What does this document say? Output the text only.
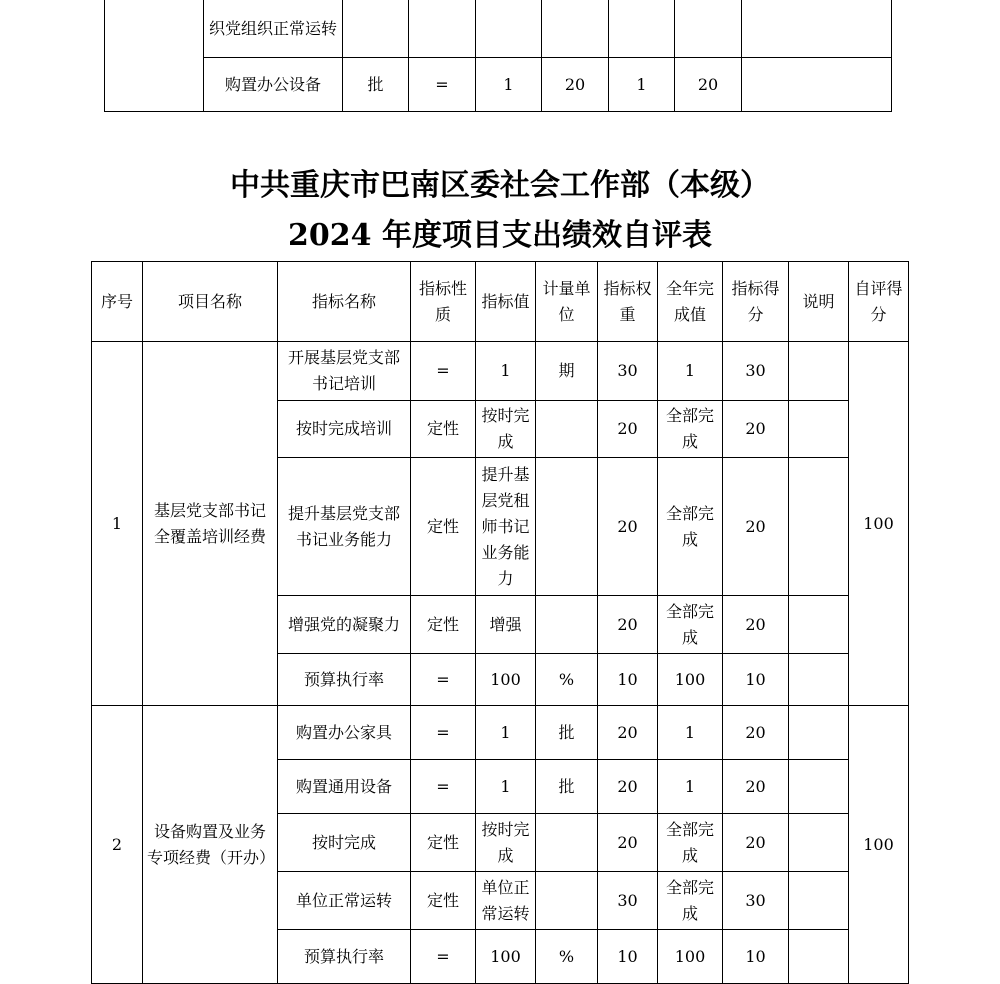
	织党组织正常运转							
	购置办公设备	批	=	1	20	1	20	
中共重庆市巴南区委社会工作部（本级）
2024 年度项目支出绩效自评表
序号	项目名称	指标名称	指标性质	指标值	计量单位	指标权重	全年完成值	指标得分	说明	自评得分
1	基层党支部书记全覆盖培训经费	开展基层党支部书记培训	=	1	期	30	1	30		100
		按时完成培训	定性	按时完成		20	全部完成	20		
		提升基层党支部书记业务能力	定性	提升基层党租师书记业务能力		20	全部完成	20		
		增强党的凝聚力	定性	增强		20	全部完成	20		
		预算执行率	=	100	%	10	100	10		
2	设备购置及业务专项经费（开办）	购置办公家具	=	1	批	20	1	20		100
		购置通用设备	=	1	批	20	1	20		
		按时完成	定性	按时完成		20	全部完成	20		
		单位正常运转	定性	单位正常运转		30	全部完成	30		
		预算执行率	=	100	%	10	100	10		
